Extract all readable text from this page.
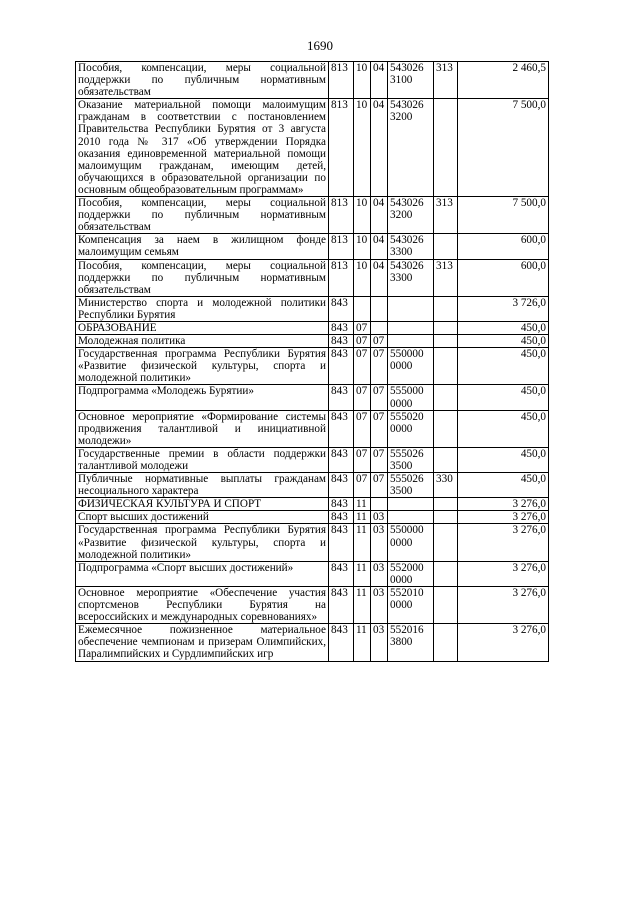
1690
Пособия, компенсации, меры социальной поддержки по публичным нормативным обязательствам	813	10	04	543026 3100	313	2 460,5
Оказание материальной помощи малоимущим гражданам в соответствии с постановлением Правительства Республики Бурятия от 3 августа 2010 года № 317 «Об утверждении Порядка оказания единовременной материальной помощи малоимущим гражданам, имеющим детей, обучающихся в образовательной организации по основным общеобразовательным программам»	813	10	04	543026 3200		7 500,0
Пособия, компенсации, меры социальной поддержки по публичным нормативным обязательствам	813	10	04	543026 3200	313	7 500,0
Компенсация за наем в жилищном фонде малоимущим семьям	813	10	04	543026 3300		600,0
Пособия, компенсации, меры социальной поддержки по публичным нормативным обязательствам	813	10	04	543026 3300	313	600,0
Министерство спорта и молодежной политики Республики Бурятия	843					3 726,0
ОБРАЗОВАНИЕ	843	07				450,0
Молодежная политика	843	07	07			450,0
Государственная программа Республики Бурятия «Развитие физической культуры, спорта и молодежной политики»	843	07	07	550000 0000		450,0
Подпрограмма «Молодежь Бурятии»	843	07	07	555000 0000		450,0
Основное мероприятие «Формирование системы продвижения талантливой и инициативной молодежи»	843	07	07	555020 0000		450,0
Государственные премии в области поддержки талантливой молодежи	843	07	07	555026 3500		450,0
Публичные нормативные выплаты гражданам несоциального характера	843	07	07	555026 3500	330	450,0
ФИЗИЧЕСКАЯ КУЛЬТУРА И СПОРТ	843	11				3 276,0
Спорт высших достижений	843	11	03			3 276,0
Государственная программа Республики Бурятия «Развитие физической культуры, спорта и молодежной политики»	843	11	03	550000 0000		3 276,0
Подпрограмма «Спорт высших достижений»	843	11	03	552000 0000		3 276,0
Основное мероприятие «Обеспечение участия спортсменов Республики Бурятия на всероссийских и международных соревнованиях»	843	11	03	552010 0000		3 276,0
Ежемесячное пожизненное материальное обеспечение чемпионам и призерам Олимпийских, Паралимпийских и Сурдлимпийских игр	843	11	03	552016 3800		3 276,0
